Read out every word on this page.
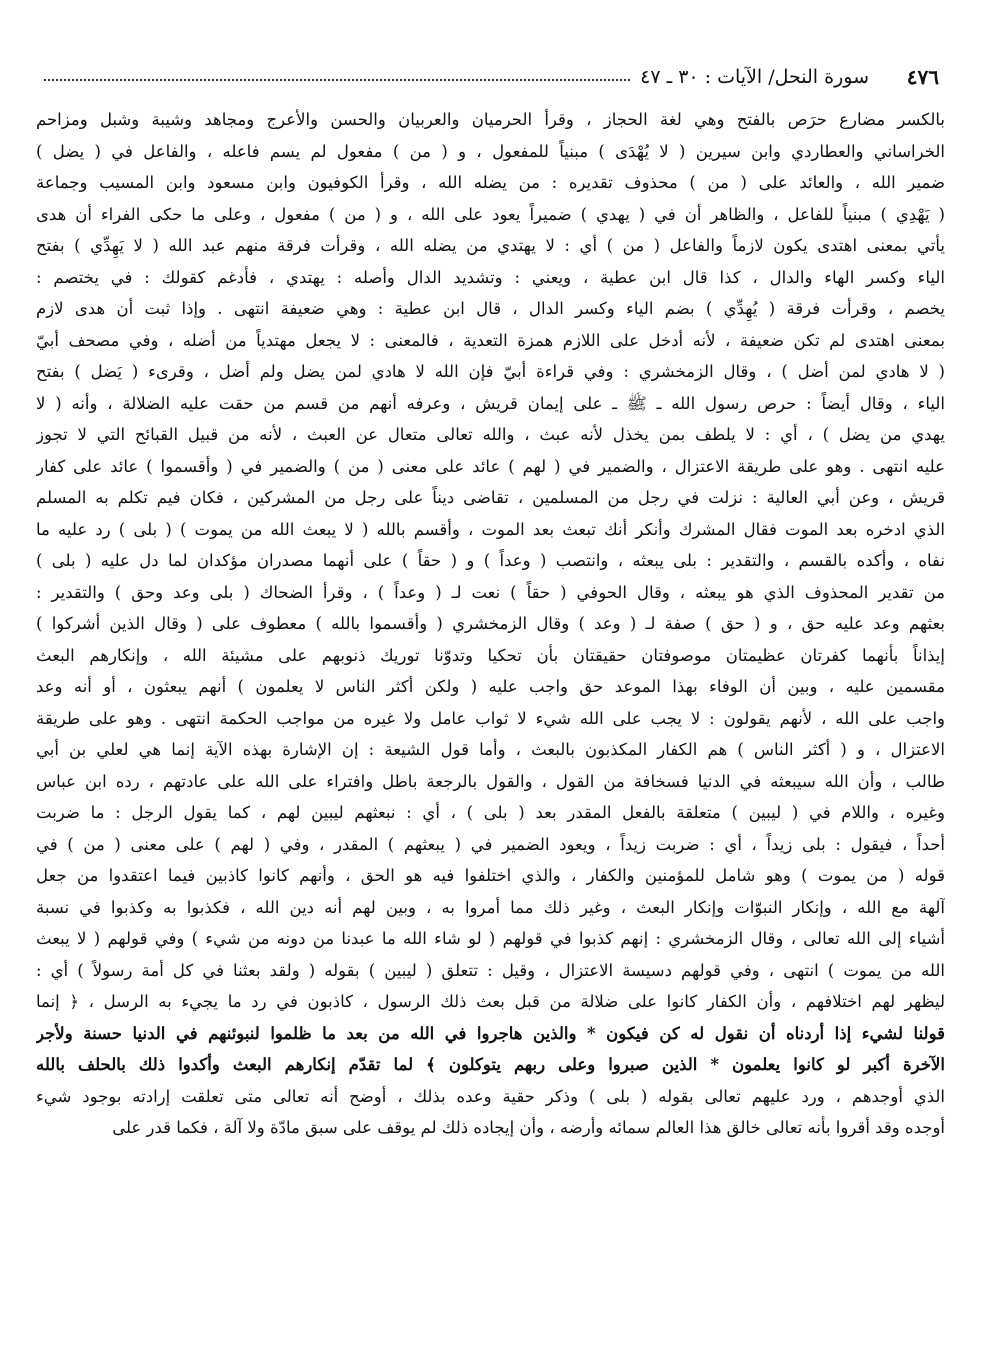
٤٧٦
سورة النحل/ الآيات : ٣٠ ـ ٤٧
بالكسر مضارع حرَص بالفتح وهي لغة الحجاز ، وقرأ الحرميان والعربيان والحسن والأعرج ومجاهد وشيبة وشبل ومزاحم
الخراساني والعطاردي وابن سيرين ( لا يُهْدَى ) مبنياً للمفعول ، و ( من ) مفعول لم يسم فاعله ، والفاعل في ( يضل )
ضمير الله ، والعائد على ( من ) محذوف تقديره : من يضله الله ، وقرأ الكوفيون وابن مسعود وابن المسيب وجماعة
( يَهْدِي ) مبنياً للفاعل ، والظاهر أن في ( يهدي ) ضميراً يعود على الله ، و ( من ) مفعول ، وعلى ما حكى الفراء أن هدى
يأتي بمعنى اهتدى يكون لازماً والفاعل ( من ) أي : لا يهتدي من يضله الله ، وقرأت فرقة منهم عبد الله ( لا يَهِدِّي ) بفتح
الياء وكسر الهاء والدال ، كذا قال ابن عطية ، ويعني : وتشديد الدال وأصله : يهتدي ، فأدغم كقولك : في يختصم :
يخصم ، وقرأت فرقة ( يُهِدِّي ) بضم الياء وكسر الدال ، قال ابن عطية : وهي ضعيفة انتهى . وإذا ثبت أن هدى لازم
بمعنى اهتدى لم تكن ضعيفة ، لأنه أدخل على اللازم همزة التعدية ، فالمعنى : لا يجعل مهتدياً من أضله ، وفي مصحف أبيّ
( لا هادي لمن أضل ) ، وقال الزمخشري : وفي قراءة أبيّ فإن الله لا هادي لمن يضل ولم أضل ، وقرىء ( يَضل ) بفتح
الياء ، وقال أيضاً : حرص رسول الله ـ ﷺ ـ على إيمان قريش ، وعرفه أنهم من قسم من حقت عليه الضلالة ، وأنه ( لا
يهدي من يضل ) ، أي : لا يلطف بمن يخذل لأنه عبث ، والله تعالى متعال عن العبث ، لأنه من قبيل القبائح التي لا تجوز
عليه انتهى . وهو على طريقة الاعتزال ، والضمير في ( لهم ) عائد على معنى ( من ) والضمير في ( وأقسموا ) عائد على كفار
قريش ، وعن أبي العالية : نزلت في رجل من المسلمين ، تقاضى ديناً على رجل من المشركين ، فكان فيم تكلم به المسلم
الذي ادخره بعد الموت فقال المشرك وأنكر أنك تبعث بعد الموت ، وأقسم بالله ( لا يبعث الله من يموت ) ( بلى ) رد عليه ما
نفاه ، وأكده بالقسم ، والتقدير : بلى يبعثه ، وانتصب ( وعداً ) و ( حقاً ) على أنهما مصدران مؤكدان لما دل عليه ( بلى )
من تقدير المحذوف الذي هو يبعثه ، وقال الحوفي ( حقاً ) نعت لـ ( وعداً ) ، وقرأ الضحاك ( بلى وعد وحق ) والتقدير :
بعثهم وعد عليه حق ، و ( حق ) صفة لـ ( وعد ) وقال الزمخشري ( وأقسموا بالله ) معطوف على ( وقال الذين أشركوا )
إيذاناً بأنهما كفرتان عظيمتان موصوفتان حقيقتان بأن تحكيا وتدوّنا توريك ذنوبهم على مشيئة الله ، وإنكارهم البعث
مقسمين عليه ، وبين أن الوفاء بهذا الموعد حق واجب عليه ( ولكن أكثر الناس لا يعلمون ) أنهم يبعثون ، أو أنه وعد
واجب على الله ، لأنهم يقولون : لا يجب على الله شيء لا ثواب عامل ولا غيره من مواجب الحكمة انتهى . وهو على طريقة
الاعتزال ، و ( أكثر الناس ) هم الكفار المكذبون بالبعث ، وأما قول الشيعة : إن الإشارة بهذه الآية إنما هي لعلي بن أبي
طالب ، وأن الله سيبعثه في الدنيا فسخافة من القول ، والقول بالرجعة باطل وافتراء على الله على عادتهم ، رده ابن عباس
وغيره ، واللام في ( ليبين ) متعلقة بالفعل المقدر بعد ( بلى ) ، أي : نبعثهم ليبين لهم ، كما يقول الرجل : ما ضربت
أحداً ، فيقول : بلى زيداً ، أي : ضربت زيداً ، ويعود الضمير في ( يبعثهم ) المقدر ، وفي ( لهم ) على معنى ( من ) في
قوله ( من يموت ) وهو شامل للمؤمنين والكفار ، والذي اختلفوا فيه هو الحق ، وأنهم كانوا كاذبين فيما اعتقدوا من جعل
آلهة مع الله ، وإنكار النبوّات وإنكار البعث ، وغير ذلك مما أمروا به ، وبين لهم أنه دين الله ، فكذبوا به وكذبوا في نسبة
أشياء إلى الله تعالى ، وقال الزمخشري : إنهم كذبوا في قولهم ( لو شاء الله ما عبدنا من دونه من شيء ) وفي قولهم ( لا يبعث
الله من يموت ) انتهى ، وفي قولهم دسيسة الاعتزال ، وقيل : تتعلق ( ليبين ) بقوله ( ولقد بعثنا في كل أمة رسولاً ) أي :
ليظهر لهم اختلافهم ، وأن الكفار كانوا على ضلالة من قبل بعث ذلك الرسول ، كاذبون في رد ما يجيء به الرسل ، ﴿ إنما
قولنا لشيء إذا أردناه أن نقول له كن فيكون * والذين هاجروا في الله من بعد ما ظلموا لنبوئنهم في الدنيا حسنة ولأجر
الآخرة أكبر لو كانوا يعلمون * الذين صبروا وعلى ربهم يتوكلون ﴾ لما تقدّم إنكارهم البعث وأكدوا ذلك بالحلف بالله
الذي أوجدهم ، ورد عليهم تعالى بقوله ( بلى ) وذكر حقية وعده بذلك ، أوضح أنه تعالى متى تعلقت إرادته بوجود شيء
أوجده وقد أقروا بأنه تعالى خالق هذا العالم سمائه وأرضه ، وأن إيجاده ذلك لم يوقف على سبق مادّة ولا آلة ، فكما قدر على
